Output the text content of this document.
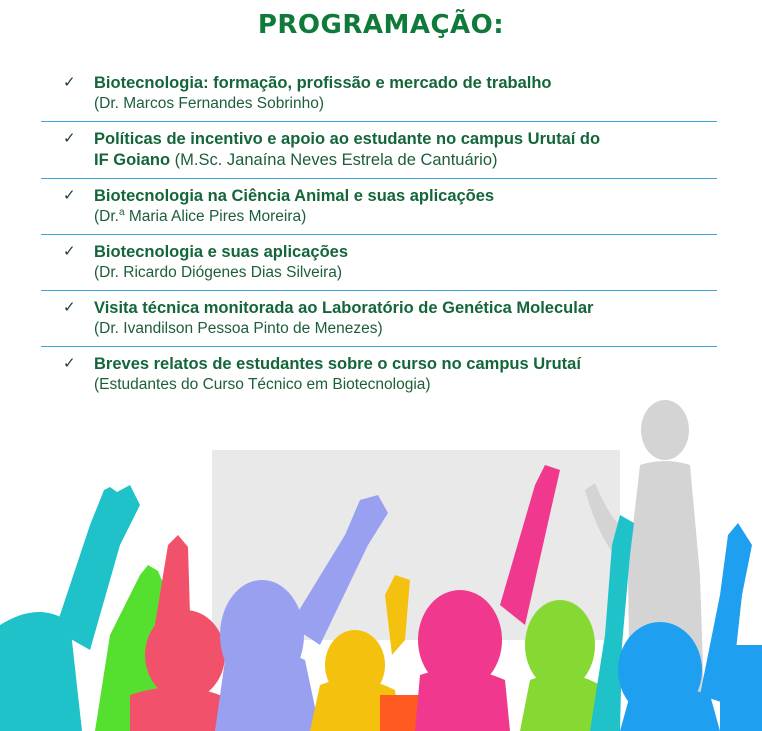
PROGRAMAÇÃO:
✓ Biotecnologia: formação, profissão e mercado de trabalho
(Dr. Marcos Fernandes Sobrinho)
✓ Políticas de incentivo e apoio ao estudante no campus Urutaí do
IF Goiano (M.Sc. Janaína Neves Estrela de Cantuário)
✓ Biotecnologia na Ciência Animal e suas aplicações
(Dr.$^a$ Maria Alice Pires Moreira)
✓ Biotecnologia e suas aplicações
(Dr. Ricardo Diógenes Dias Silveira)
✓ Visita técnica monitorada ao Laboratório de Genética Molecular
(Dr. Ivandilson Pessoa Pinto de Menezes)
✓ Breves relatos de estudantes sobre o curso no campus Urutaí
(Estudantes do Curso Técnico em Biotecnologia)
